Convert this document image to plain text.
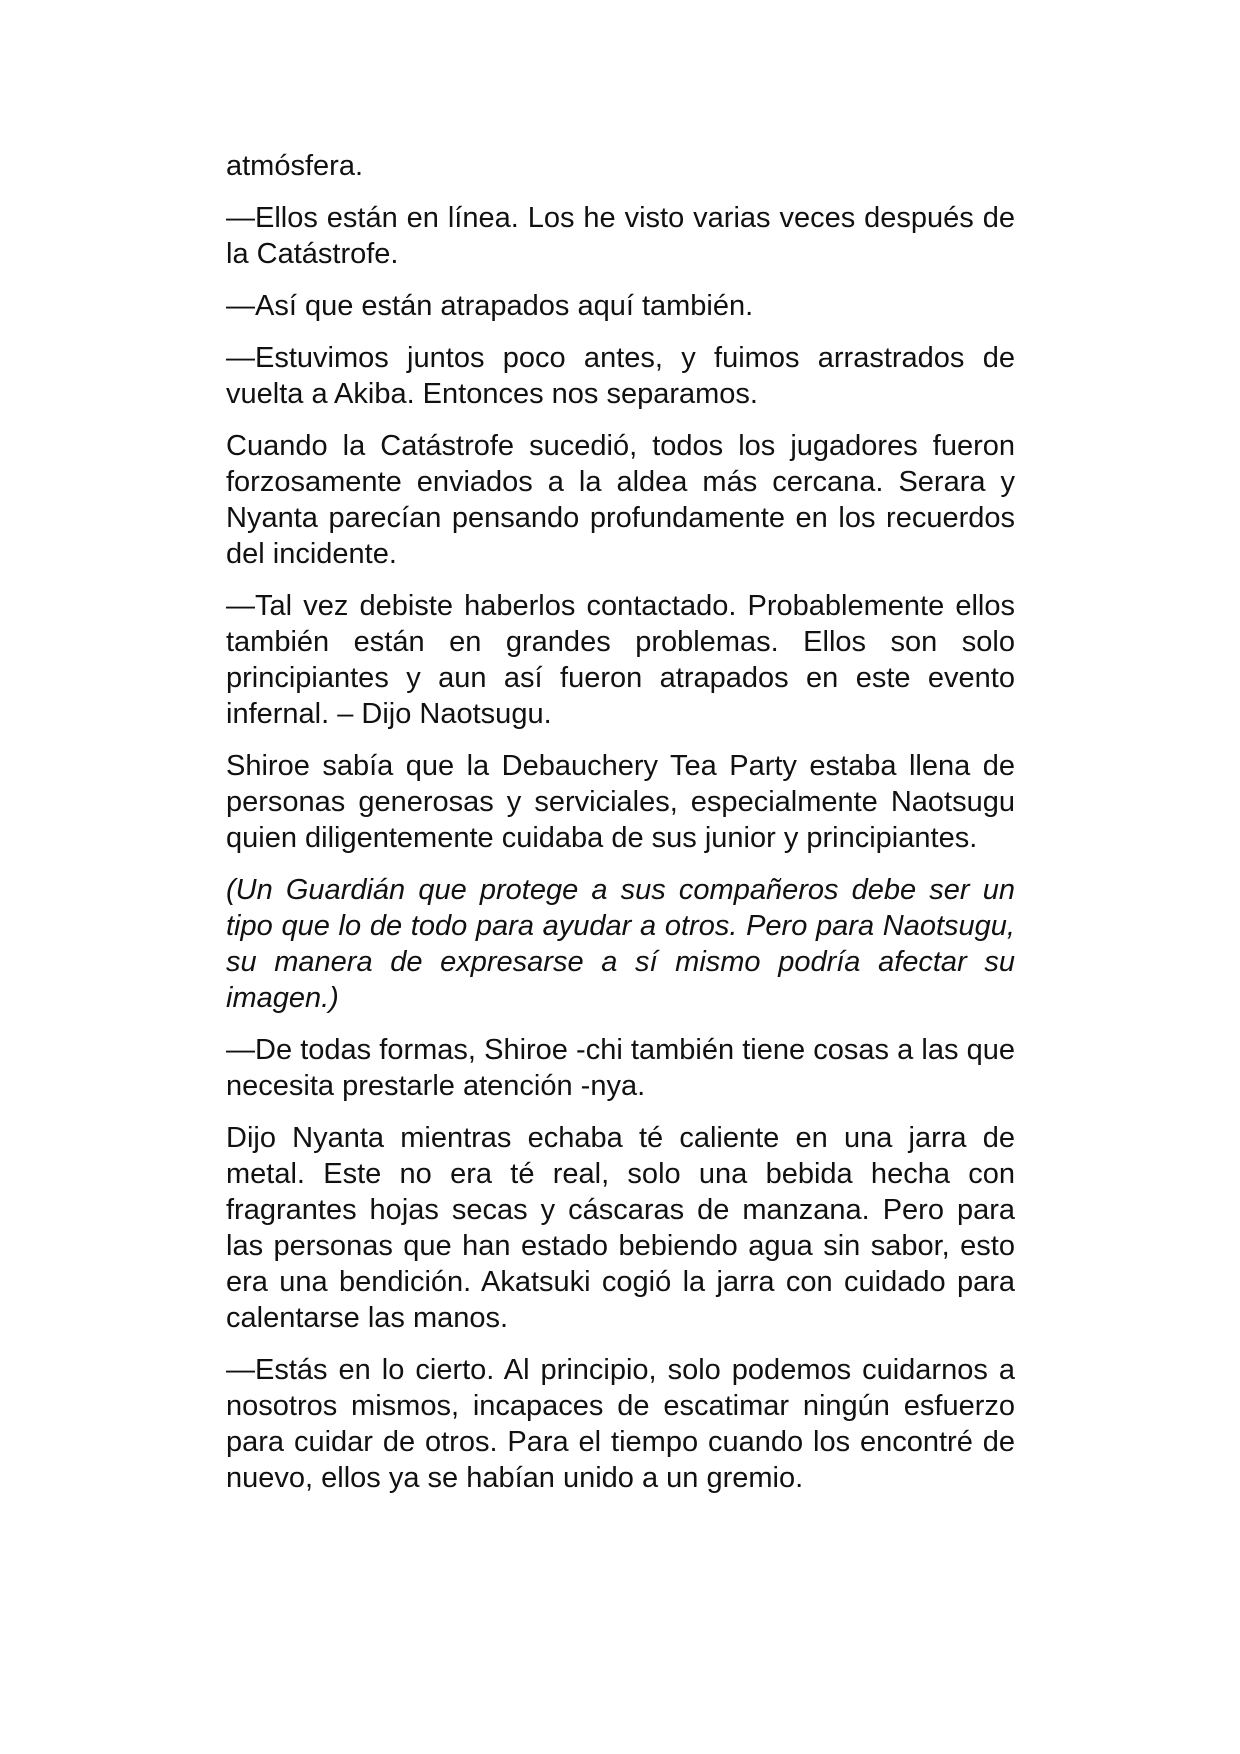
atmósfera.

—Ellos están en línea. Los he visto varias veces después de la Catástrofe.

—Así que están atrapados aquí también.

—Estuvimos juntos poco antes, y fuimos arrastrados de vuelta a Akiba. Entonces nos separamos.

Cuando la Catástrofe sucedió, todos los jugadores fueron forzosamente enviados a la aldea más cercana. Serara y Nyanta parecían pensando profundamente en los recuerdos del incidente.

—Tal vez debiste haberlos contactado. Probablemente ellos también están en grandes problemas. Ellos son solo principiantes y aun así fueron atrapados en este evento infernal. – Dijo Naotsugu.

Shiroe sabía que la Debauchery Tea Party estaba llena de personas generosas y serviciales, especialmente Naotsugu quien diligentemente cuidaba de sus junior y principiantes.

(Un Guardián que protege a sus compañeros debe ser un tipo que lo de todo para ayudar a otros. Pero para Naotsugu, su manera de expresarse a sí mismo podría afectar su imagen.)

—De todas formas, Shiroe -chi también tiene cosas a las que necesita prestarle atención -nya.

Dijo Nyanta mientras echaba té caliente en una jarra de metal. Este no era té real, solo una bebida hecha con fragrantes hojas secas y cáscaras de manzana. Pero para las personas que han estado bebiendo agua sin sabor, esto era una bendición. Akatsuki cogió la jarra con cuidado para calentarse las manos.

—Estás en lo cierto. Al principio, solo podemos cuidarnos a nosotros mismos, incapaces de escatimar ningún esfuerzo para cuidar de otros. Para el tiempo cuando los encontré de nuevo, ellos ya se habían unido a un gremio.
